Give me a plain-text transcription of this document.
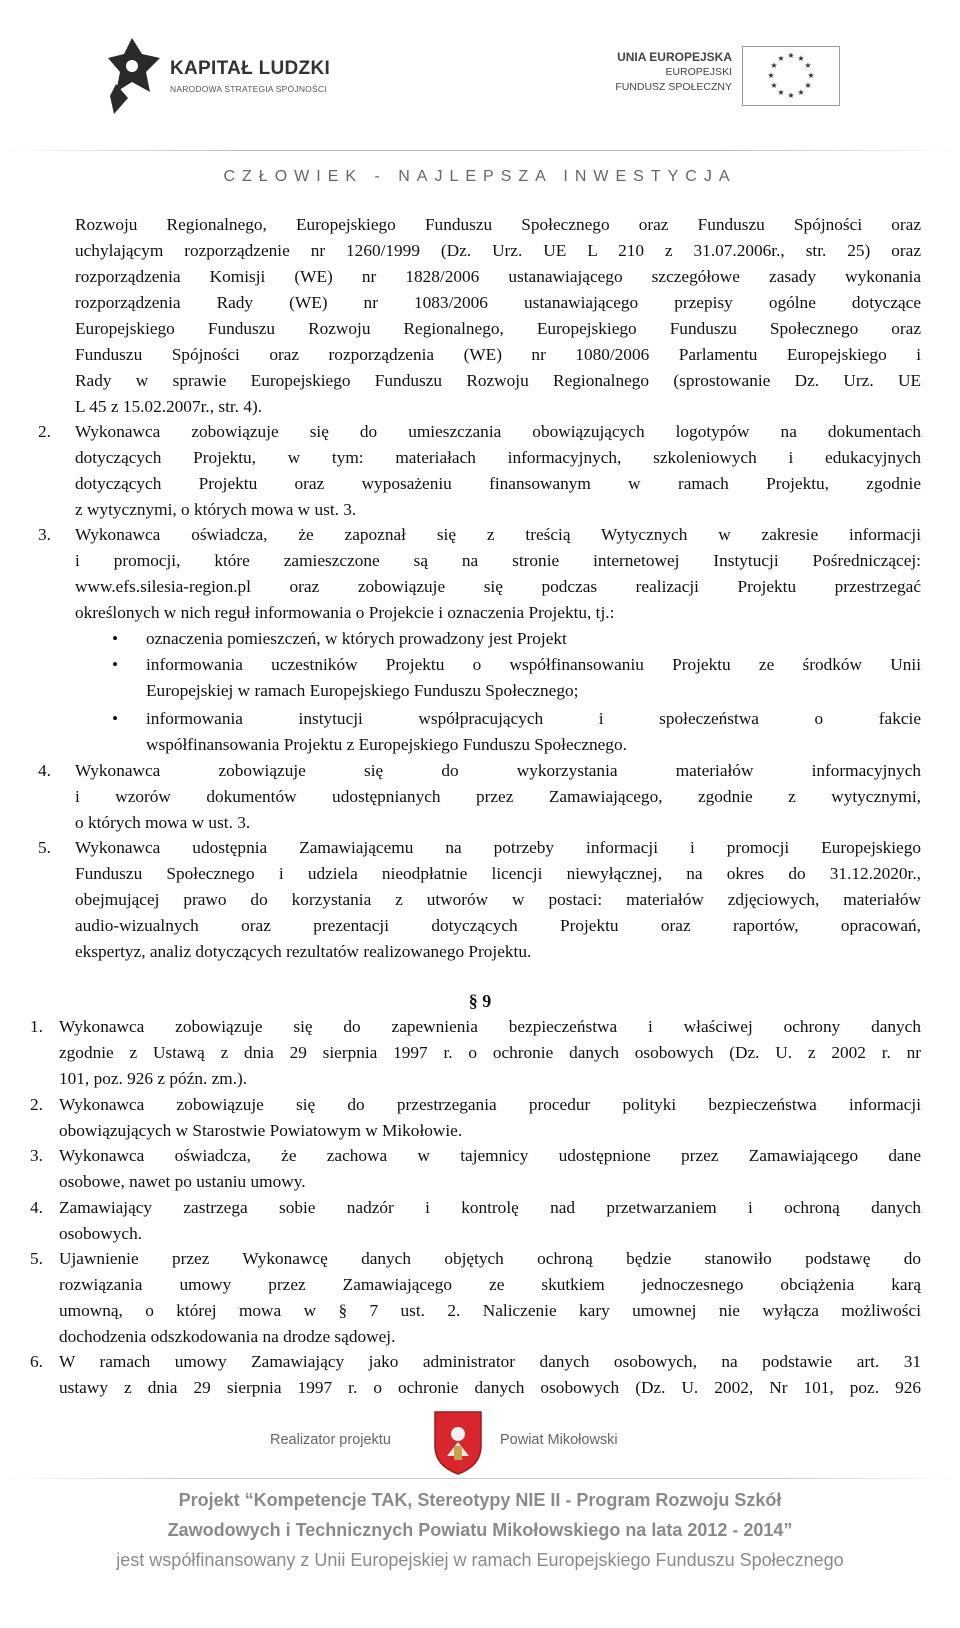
KAPITAŁ LUDZKI
NARODOWA STRATEGIA SPÓJNOŚCI
UNIA EUROPEJSKA
EUROPEJSKI
FUNDUSZ SPOŁECZNY
★ ★
★
★
★
★
★
★
★
★
★
★
CZŁOWIEK - NAJLEPSZA INWESTYCJA
Rozwoju Regionalnego, Europejskiego Funduszu Społecznego oraz Funduszu Spójności oraz
uchylającym rozporządzenie nr 1260/1999 (Dz. Urz. UE L 210 z 31.07.2006r., str. 25) oraz
rozporządzenia Komisji (WE) nr 1828/2006 ustanawiającego szczegółowe zasady wykonania
rozporządzenia Rady (WE) nr 1083/2006 ustanawiającego przepisy ogólne dotyczące
Europejskiego Funduszu Rozwoju Regionalnego, Europejskiego Funduszu Społecznego oraz
Funduszu Spójności oraz rozporządzenia (WE) nr 1080/2006 Parlamentu Europejskiego i
Rady w sprawie Europejskiego Funduszu Rozwoju Regionalnego (sprostowanie Dz. Urz. UE
L 45 z 15.02.2007r., str. 4).
2. Wykonawca zobowiązuje się do umieszczania obowiązujących logotypów na dokumentach
dotyczących Projektu, w tym: materiałach informacyjnych, szkoleniowych i edukacyjnych
dotyczących Projektu oraz wyposażeniu finansowanym w ramach Projektu, zgodnie
z wytycznymi, o których mowa w ust. 3.
3. Wykonawca oświadcza, że zapoznał się z treścią Wytycznych w zakresie informacji
i promocji, które zamieszczone są na stronie internetowej Instytucji Pośredniczącej:
www.efs.silesia-region.pl oraz zobowiązuje się podczas realizacji Projektu przestrzegać
określonych w nich reguł informowania o Projekcie i oznaczenia Projektu, tj.:
• oznaczenia pomieszczeń, w których prowadzony jest Projekt
• informowania uczestników Projektu o współfinansowaniu Projektu ze środków Unii
Europejskiej w ramach Europejskiego Funduszu Społecznego;
• informowania instytucji współpracujących i społeczeństwa o fakcie
współfinansowania Projektu z Europejskiego Funduszu Społecznego.
4. Wykonawca zobowiązuje się do wykorzystania materiałów informacyjnych
i wzorów dokumentów udostępnianych przez Zamawiającego, zgodnie z wytycznymi,
o których mowa w ust. 3.
5. Wykonawca udostępnia Zamawiającemu na potrzeby informacji i promocji Europejskiego
Funduszu Społecznego i udziela nieodpłatnie licencji niewyłącznej, na okres do 31.12.2020r.,
obejmującej prawo do korzystania z utworów w postaci: materiałów zdjęciowych, materiałów
audio-wizualnych oraz prezentacji dotyczących Projektu oraz raportów, opracowań,
ekspertyz, analiz dotyczących rezultatów realizowanego Projektu.
§ 9
1. Wykonawca zobowiązuje się do zapewnienia bezpieczeństwa i właściwej ochrony danych
zgodnie z Ustawą z dnia 29 sierpnia 1997 r. o ochronie danych osobowych (Dz. U. z 2002 r. nr
101, poz. 926 z późn. zm.).
2. Wykonawca zobowiązuje się do przestrzegania procedur polityki bezpieczeństwa informacji
obowiązujących w Starostwie Powiatowym w Mikołowie.
3. Wykonawca oświadcza, że zachowa w tajemnicy udostępnione przez Zamawiającego dane
osobowe, nawet po ustaniu umowy.
4. Zamawiający zastrzega sobie nadzór i kontrolę nad przetwarzaniem i ochroną danych
osobowych.
5. Ujawnienie przez Wykonawcę danych objętych ochroną będzie stanowiło podstawę do
rozwiązania umowy przez Zamawiającego ze skutkiem jednoczesnego obciążenia karą
umowną, o której mowa w § 7 ust. 2. Naliczenie kary umownej nie wyłącza możliwości
dochodzenia odszkodowania na drodze sądowej.
6. W ramach umowy Zamawiający jako administrator danych osobowych, na podstawie art. 31
ustawy z dnia 29 sierpnia 1997 r. o ochronie danych osobowych (Dz. U. 2002, Nr 101, poz. 926
Realizator projektu	Powiat Mikołowski
Projekt “Kompetencje TAK, Stereotypy NIE II - Program Rozwoju Szkół
Zawodowych i Technicznych Powiatu Mikołowskiego na lata 2012 - 2014”
jest współfinansowany z Unii Europejskiej w ramach Europejskiego Funduszu Społecznego
